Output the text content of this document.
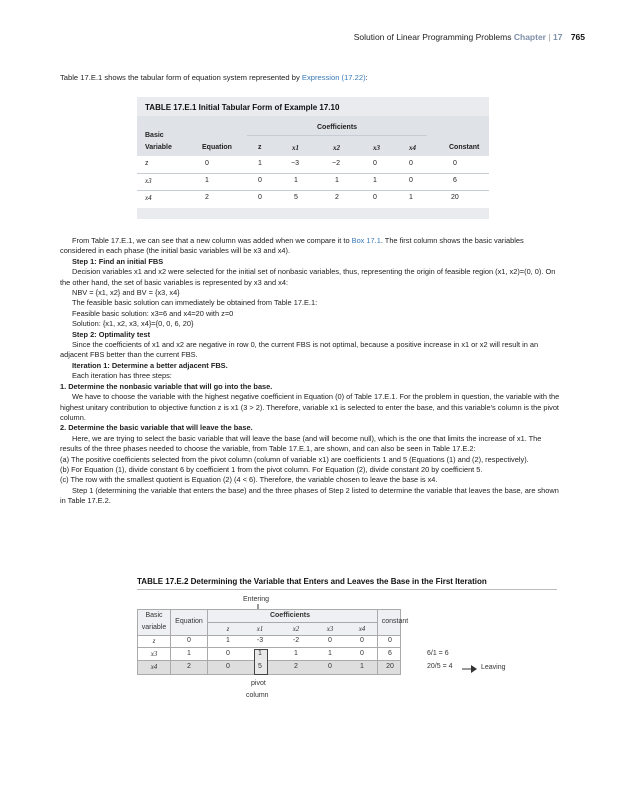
Solution of Linear Programming Problems Chapter | 17 765
Table 17.E.1 shows the tabular form of equation system represented by Expression (17.22):
TABLE 17.E.1 Initial Tabular Form of Example 17.10
Coefficients
Basic
Variable	Equation	z	x1	x2	x3	x4	Constant
z	0	1	−3	−2	0	0	0
x3	1	0	1	1	1	0	6
x4	2	0	5	2	0	1	20

From Table 17.E.1, we can see that a new column was added when we compare it to Box 17.1. The first column shows the basic variables considered in each phase (the initial basic variables will be x3 and x4).

Step 1: Find an initial FBS

Decision variables x1 and x2 were selected for the initial set of nonbasic variables, thus, representing the origin of feasible region (x1, x2)=(0, 0). On the other hand, the set of basic variables is represented by x3 and x4:

NBV = {x1, x2} and BV = {x3, x4}

The feasible basic solution can immediately be obtained from Table 17.E.1:

Feasible basic solution: x3=6 and x4=20 with z=0

Solution: {x1, x2, x3, x4}={0, 0, 6, 20}

Step 2: Optimality test

Since the coefficients of x1 and x2 are negative in row 0, the current FBS is not optimal, because a positive increase in x1 or x2 will result in an adjacent FBS better than the current FBS.

Iteration 1: Determine a better adjacent FBS.

Each iteration has three steps:

1. Determine the nonbasic variable that will go into the base.

We have to choose the variable with the highest negative coefficient in Equation (0) of Table 17.E.1. For the problem in question, the variable with the highest unitary contribution to objective function z is x1 (3 > 2). Therefore, variable x1 is selected to enter the base, and this variable's column is the pivot column.

2. Determine the basic variable that will leave the base.

Here, we are trying to select the basic variable that will leave the base (and will become null), which is the one that limits the increase of x1. The results of the three phases needed to choose the variable, from Table 17.E.1, are shown, and can also be seen in Table 17.E.2:

(a) The positive coefficients selected from the pivot column (column of variable x1) are coefficients 1 and 5 (Equations (1) and (2), respectively).

(b) For Equation (1), divide constant 6 by coefficient 1 from the pivot column. For Equation (2), divide constant 20 by coefficient 5.

(c) The row with the smallest quotient is Equation (2) (4 < 6). Therefore, the variable chosen to leave the base is x4.

Step 1 (determining the variable that enters the base) and the three phases of Step 2 listed to determine the variable that leaves the base, are shown in Table 17.E.2.

TABLE 17.E.2 Determining the Variable that Enters and Leaves the Base in the First Iteration
Entering
Basic
variable
Equation
Coefficients
constant
z	x1	x2	x3	x4
z	0	1	-3	-2	0	0	0
x3	1	0	1	1	1	0	6	6/1 = 6
x4	2	0	5	2	0	1	20	20/5 = 4	Leaving
pivot
column
